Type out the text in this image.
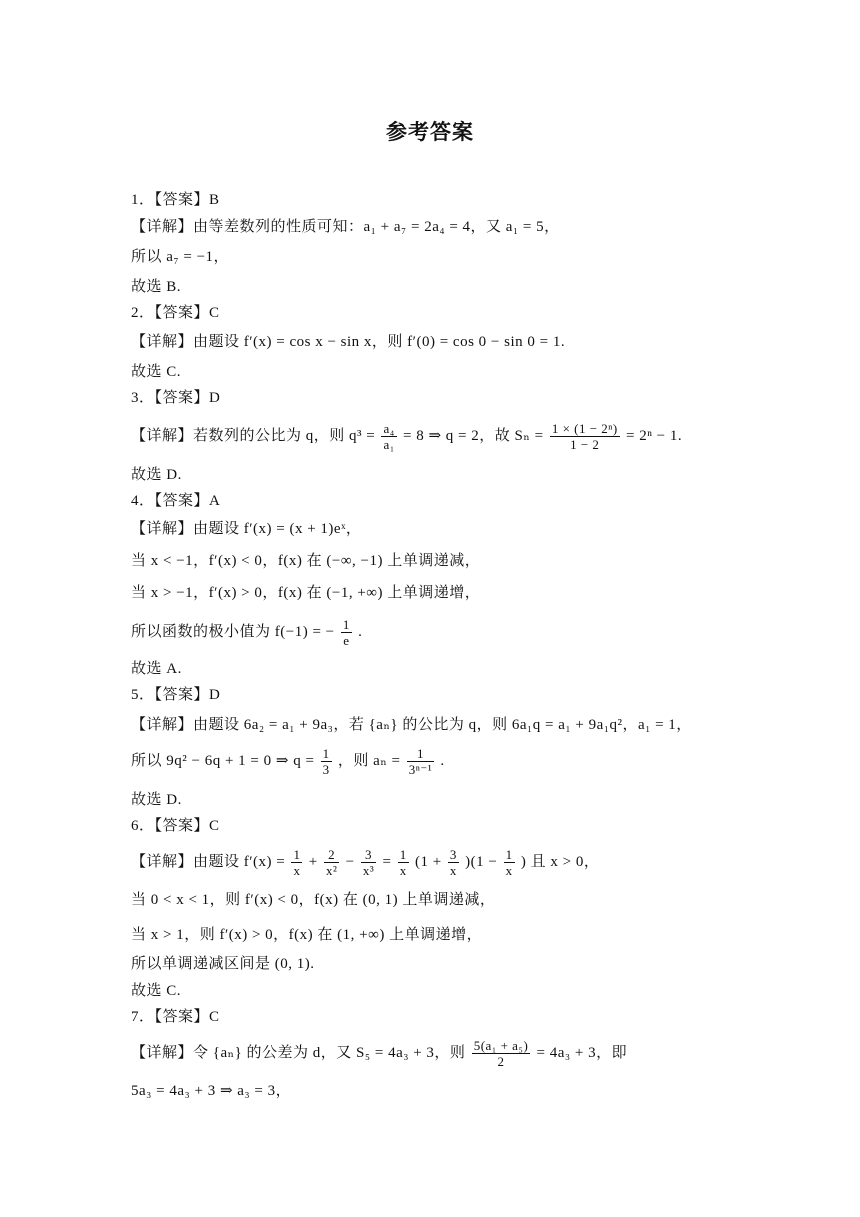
参考答案
1．【答案】B
【详解】由等差数列的性质可知：a₁ + a₇ = 2a₄ = 4，又 a₁ = 5，
所以 a₇ = −1，
故选 B.
2．【答案】C
【详解】由题设 f′(x) = cos x − sin x，则 f′(0) = cos 0 − sin 0 = 1.
故选 C.
3．【答案】D
故选 D.
4．【答案】A
【详解】由题设 f′(x) = (x + 1)eˣ，
当 x < −1，f′(x) < 0，f(x) 在 (−∞, −1) 上单调递减，
当 x > −1，f′(x) > 0，f(x) 在 (−1, +∞) 上单调递增，
故选 A.
5．【答案】D
【详解】由题设 6a₂ = a₁ + 9a₃，若 {aₙ} 的公比为 q，则 6a₁q = a₁ + 9a₁q²，a₁ = 1，
故选 D.
6．【答案】C
当 0 < x < 1，则 f′(x) < 0，f(x) 在 (0, 1) 上单调递减，
当 x > 1，则 f′(x) > 0，f(x) 在 (1, +∞) 上单调递增，
所以单调递减区间是 (0, 1).
故选 C.
7．【答案】C
5a₃ = 4a₃ + 3 ⇒ a₃ = 3，
【详解】若数列的公比为 q，则 $q^3 = \frac{\text{a₄}}{\text{a₁}} = 8$ ⇒ q = 2，故 $S_n = \frac{\text{1 × (1 − 2ⁿ)}}{1 - 2} = 2^n - 1$.
所以函数的极小值为 f(−1) = − $\frac{1}{e}$ .
所以 9q² − 6q + 1 = 0 ⇒ $q = \frac{1}{3}$ ，则 $a_n = \frac{1}{\text{3ⁿ⁻¹}}$ .
【详解】由题设 $f'(x) = \frac{1}{x} + \frac{2}{\text{x²}} - \frac{3}{\text{x³}} = \frac{1}{x} (1 + \frac{3}{x} )(1 - \frac{1}{x}$ ) 且 x > 0，
【详解】令 {aₙ} 的公差为 d，又 S₅ = 4a₃ + 3，则 $\frac{\text{5(a₁ + a₅)}}{2} = 4a_3 + 3$，即
